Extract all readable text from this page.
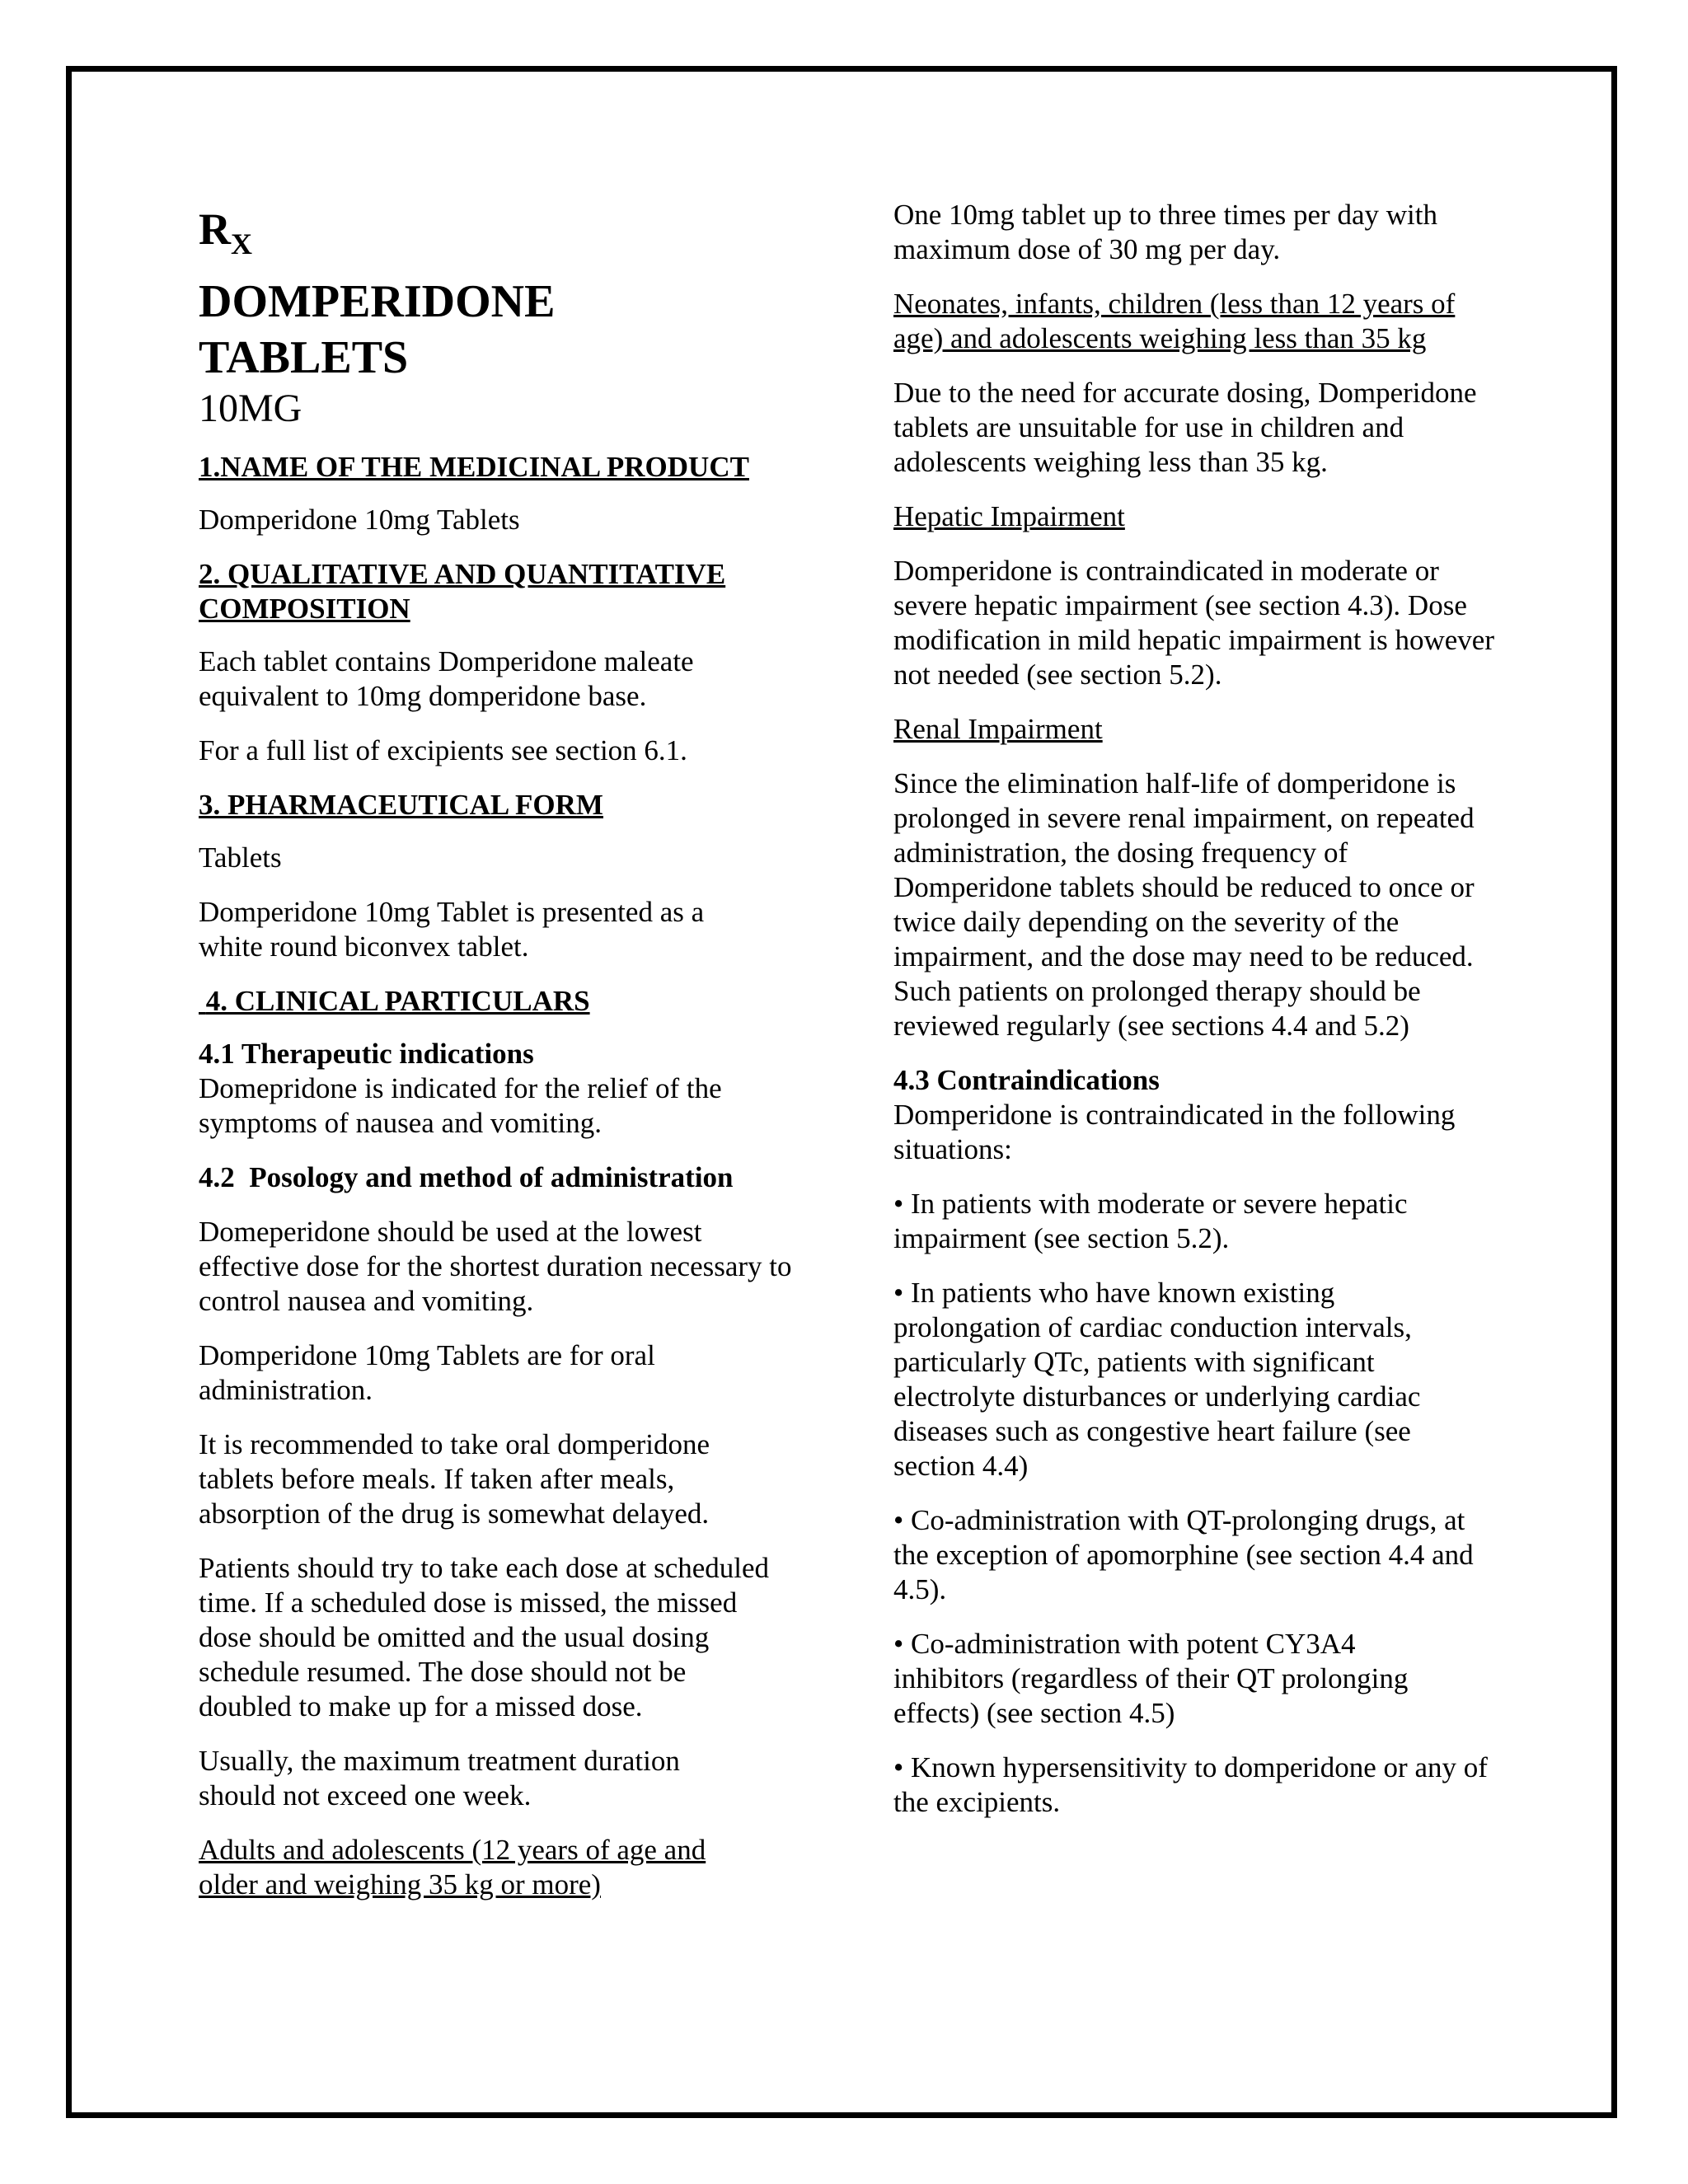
$R_X$
DOMPERIDONE TABLETS
10MG

1.NAME OF THE MEDICINAL PRODUCT

Domperidone 10mg Tablets

2. QUALITATIVE AND QUANTITATIVE COMPOSITION

Each tablet contains Domperidone maleate equivalent to 10mg domperidone base.

For a full list of excipients see section 6.1.

3. PHARMACEUTICAL FORM

Tablets

Domperidone 10mg Tablet is presented as a white round biconvex tablet.

4. CLINICAL PARTICULARS

4.1 Therapeutic indications
Domepridone is indicated for the relief of the symptoms of nausea and vomiting.

4.2  Posology and method of administration

Domeperidone should be used at the lowest effective dose for the shortest duration necessary to control nausea and vomiting.

Domperidone 10mg Tablets are for oral administration.

It is recommended to take oral domperidone tablets before meals. If taken after meals, absorption of the drug is somewhat delayed.

Patients should try to take each dose at scheduled time. If a scheduled dose is missed, the missed dose should be omitted and the usual dosing schedule resumed. The dose should not be doubled to make up for a missed dose.

Usually, the maximum treatment duration should not exceed one week.

Adults and adolescents (12 years of age and older and weighing 35 kg or more)

One 10mg tablet up to three times per day with maximum dose of 30 mg per day.

Neonates, infants, children (less than 12 years of age) and adolescents weighing less than 35 kg

Due to the need for accurate dosing, Domperidone tablets are unsuitable for use in children and adolescents weighing less than 35 kg.

Hepatic Impairment

Domperidone is contraindicated in moderate or severe hepatic impairment (see section 4.3). Dose modification in mild hepatic impairment is however not needed (see section 5.2).

Renal Impairment

Since the elimination half-life of domperidone is prolonged in severe renal impairment, on repeated administration, the dosing frequency of Domperidone tablets should be reduced to once or twice daily depending on the severity of the impairment, and the dose may need to be reduced. Such patients on prolonged therapy should be reviewed regularly (see sections 4.4 and 5.2)

4.3 Contraindications
Domperidone is contraindicated in the following situations:

• In patients with moderate or severe hepatic impairment (see section 5.2).

• In patients who have known existing prolongation of cardiac conduction intervals, particularly QTc, patients with significant electrolyte disturbances or underlying cardiac diseases such as congestive heart failure (see section 4.4)

• Co-administration with QT-prolonging drugs, at the exception of apomorphine (see section 4.4 and 4.5).

• Co-administration with potent CY3A4 inhibitors (regardless of their QT prolonging effects) (see section 4.5)

• Known hypersensitivity to domperidone or any of the excipients.
